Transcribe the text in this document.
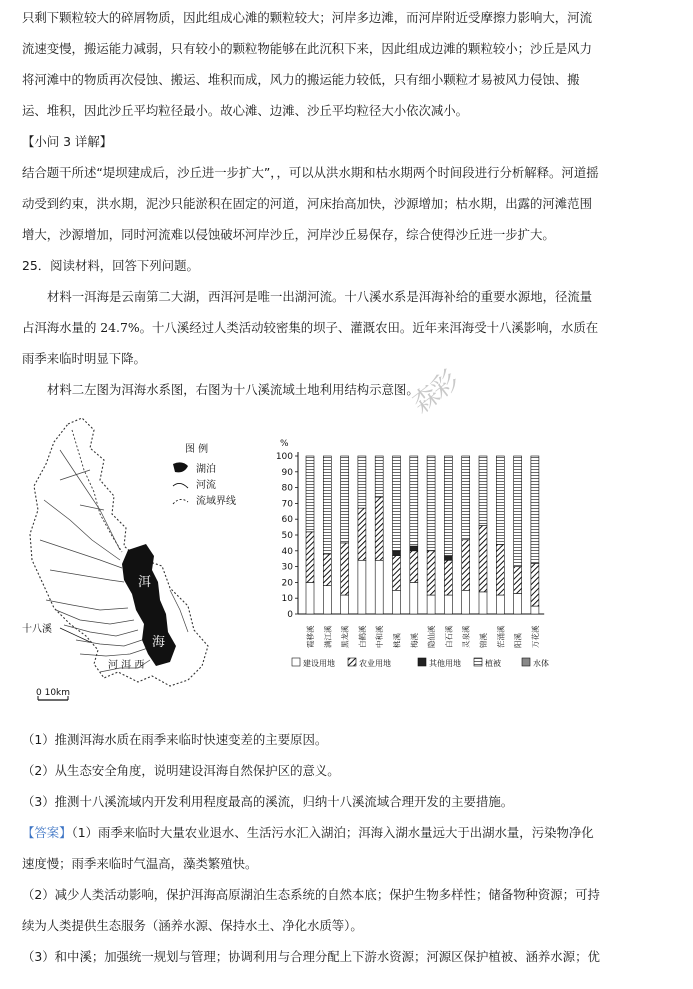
只剩下颗粒较大的碎屑物质，因此组成心滩的颗粒较大；河岸多边滩，而河岸附近受摩擦力影响大，河流
流速变慢，搬运能力减弱，只有较小的颗粒物能够在此沉积下来，因此组成边滩的颗粒较小；沙丘是风力
将河滩中的物质再次侵蚀、搬运、堆积而成，风力的搬运能力较低，只有细小颗粒才易被风力侵蚀、搬
运、堆积，因此沙丘平均粒径最小。故心滩、边滩、沙丘平均粒径大小依次减小。
【小问 3 详解】
结合题干所述“堤坝建成后，沙丘进一步扩大”，，可以从洪水期和枯水期两个时间段进行分析解释。河道摇
动受到约束，洪水期，泥沙只能淤积在固定的河道，河床抬高加快，沙源增加；枯水期，出露的河滩范围
增大，沙源增加，同时河流难以侵蚀破坏河岸沙丘，河岸沙丘易保存，综合使得沙丘进一步扩大。
25．阅读材料，回答下列问题。
材料一洱海是云南第二大湖，西洱河是唯一出湖河流。十八溪水系是洱海补给的重要水源地，径流量
占洱海水量的 24.7%。十八溪经过人类活动较密集的坝子、灌溉农田。近年来洱海受十八溪影响，水质在
雨季来临时明显下降。
材料二左图为洱海水系图，右图为十八溪流域土地利用结构示意图。
森彩
洱
海
十八溪
河 洱 西
图 例
湖泊
河流
流域界线
0 10km
%
0
10
20
30
40
50
60
70
80
90
100
霞移溪 满江溪 黑龙溪 白鹤溪 中和溪 桃溪 梅溪 隐仙溪 白石溪 灵泉溪 锦溪 茫涌溪 阳溪 万花溪
建设用地	农业用地	其他用地	植被	水体
（1）推测洱海水质在雨季来临时快速变差的主要原因。
（2）从生态安全角度，说明建设洱海自然保护区的意义。
（3）推测十八溪流域内开发利用程度最高的溪流，归纳十八溪流域合理开发的主要措施。
【答案】（1）雨季来临时大量农业退水、生活污水汇入湖泊；洱海入湖水量远大于出湖水量，污染物净化
速度慢；雨季来临时气温高，藻类繁殖快。
（2）减少人类活动影响，保护洱海高原湖泊生态系统的自然本底；保护生物多样性；储备物种资源；可持
续为人类提供生态服务（涵养水源、保持水土、净化水质等）。
（3）和中溪；加强统一规划与管理；协调利用与合理分配上下游水资源；河源区保护植被、涵养水源；优
